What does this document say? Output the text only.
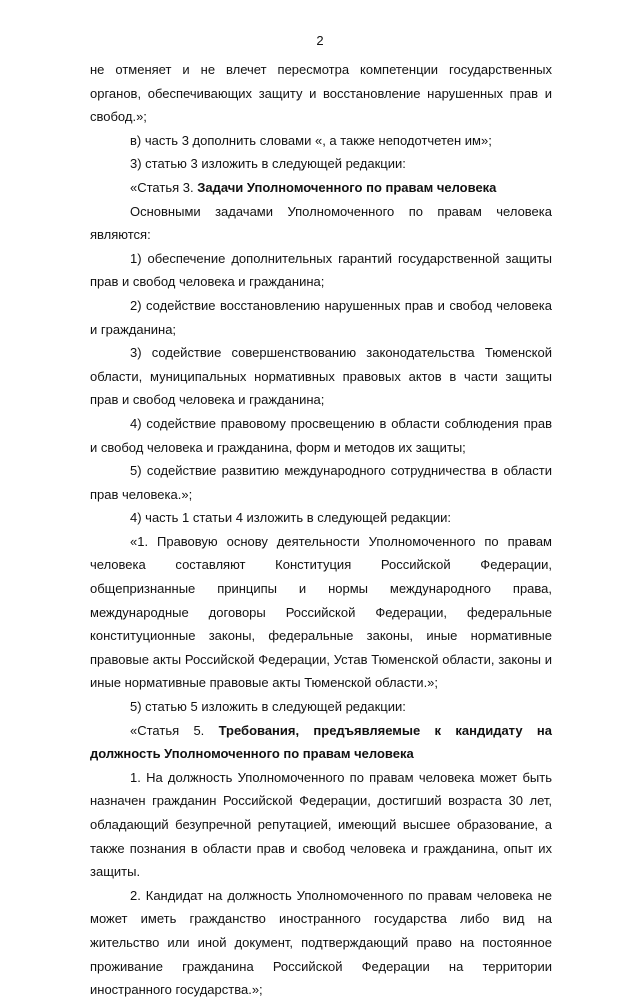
2

не отменяет и не влечет пересмотра компетенции государственных органов, обеспечивающих защиту и восстановление нарушенных прав и свобод.»;

в) часть 3 дополнить словами «, а также неподотчетен им»;

3) статью 3 изложить в следующей редакции:

«Статья 3. Задачи Уполномоченного по правам человека

Основными задачами Уполномоченного по правам человека являются:

1) обеспечение дополнительных гарантий государственной защиты прав и свобод человека и гражданина;

2) содействие восстановлению нарушенных прав и свобод человека и гражданина;

3) содействие совершенствованию законодательства Тюменской области, муниципальных нормативных правовых актов в части защиты прав и свобод человека и гражданина;

4) содействие правовому просвещению в области соблюдения прав и свобод человека и гражданина, форм и методов их защиты;

5) содействие развитию международного сотрудничества в области прав человека.»;

4) часть 1 статьи 4 изложить в следующей редакции:

«1. Правовую основу деятельности Уполномоченного по правам человека составляют Конституция Российской Федерации, общепризнанные принципы и нормы международного права, международные договоры Российской Федерации, федеральные конституционные законы, федеральные законы, иные нормативные правовые акты Российской Федерации, Устав Тюменской области, законы и иные нормативные правовые акты Тюменской области.»;

5) статью 5 изложить в следующей редакции:

«Статья 5. Требования, предъявляемые к кандидату на должность Уполномоченного по правам человека

1. На должность Уполномоченного по правам человека может быть назначен гражданин Российской Федерации, достигший возраста 30 лет, обладающий безупречной репутацией, имеющий высшее образование, а также познания в области прав и свобод человека и гражданина, опыт их защиты.

2. Кандидат на должность Уполномоченного по правам человека не может иметь гражданство иностранного государства либо вид на жительство или иной документ, подтверждающий право на постоянное проживание гражданина Российской Федерации на территории иностранного государства.»;
